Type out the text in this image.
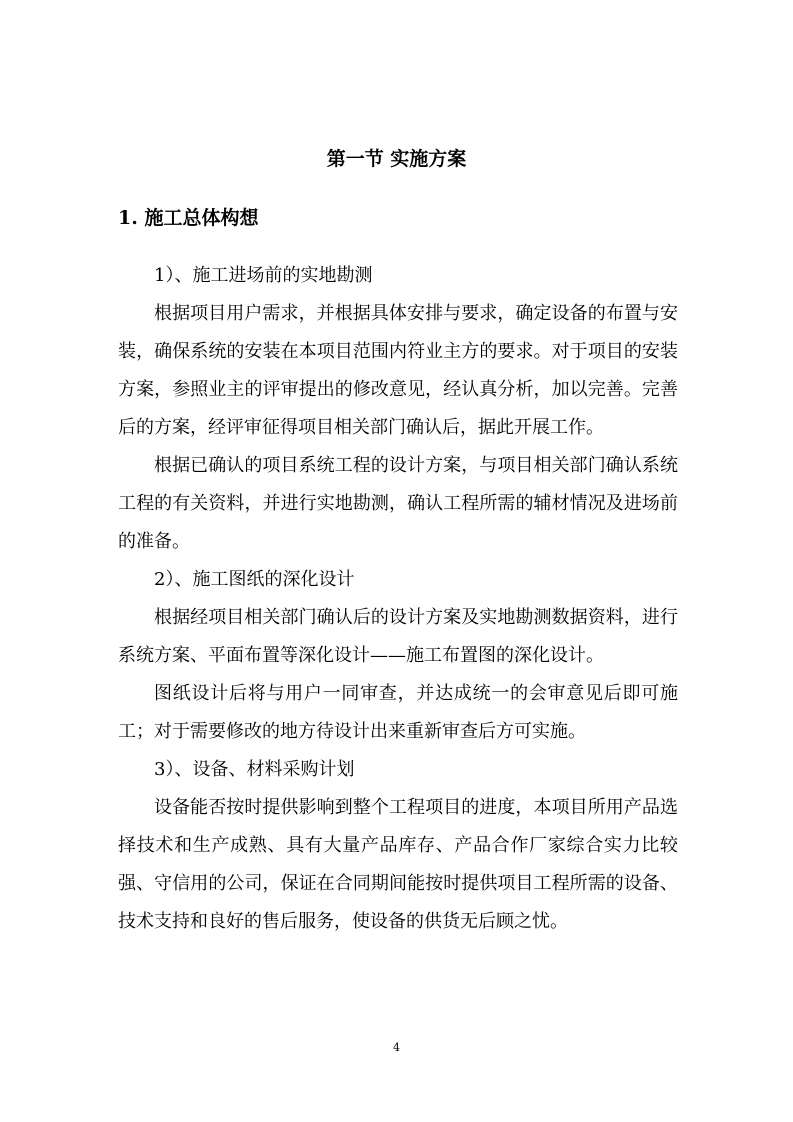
第一节 实施方案
1. 施工总体构想

1）、施工进场前的实地勘测

根据项目用户需求，并根据具体安排与要求，确定设备的布置与安装，确保系统的安装在本项目范围内符业主方的要求。对于项目的安装方案，参照业主的评审提出的修改意见，经认真分析，加以完善。完善后的方案，经评审征得项目相关部门确认后，据此开展工作。

根据已确认的项目系统工程的设计方案，与项目相关部门确认系统工程的有关资料，并进行实地勘测，确认工程所需的辅材情况及进场前的准备。

2）、施工图纸的深化设计

根据经项目相关部门确认后的设计方案及实地勘测数据资料，进行系统方案、平面布置等深化设计——施工布置图的深化设计。

图纸设计后将与用户一同审查，并达成统一的会审意见后即可施工；对于需要修改的地方待设计出来重新审查后方可实施。

3）、设备、材料采购计划

设备能否按时提供影响到整个工程项目的进度，本项目所用产品选择技术和生产成熟、具有大量产品库存、产品合作厂家综合实力比较强、守信用的公司，保证在合同期间能按时提供项目工程所需的设备、技术支持和良好的售后服务，使设备的供货无后顾之忧。

4
